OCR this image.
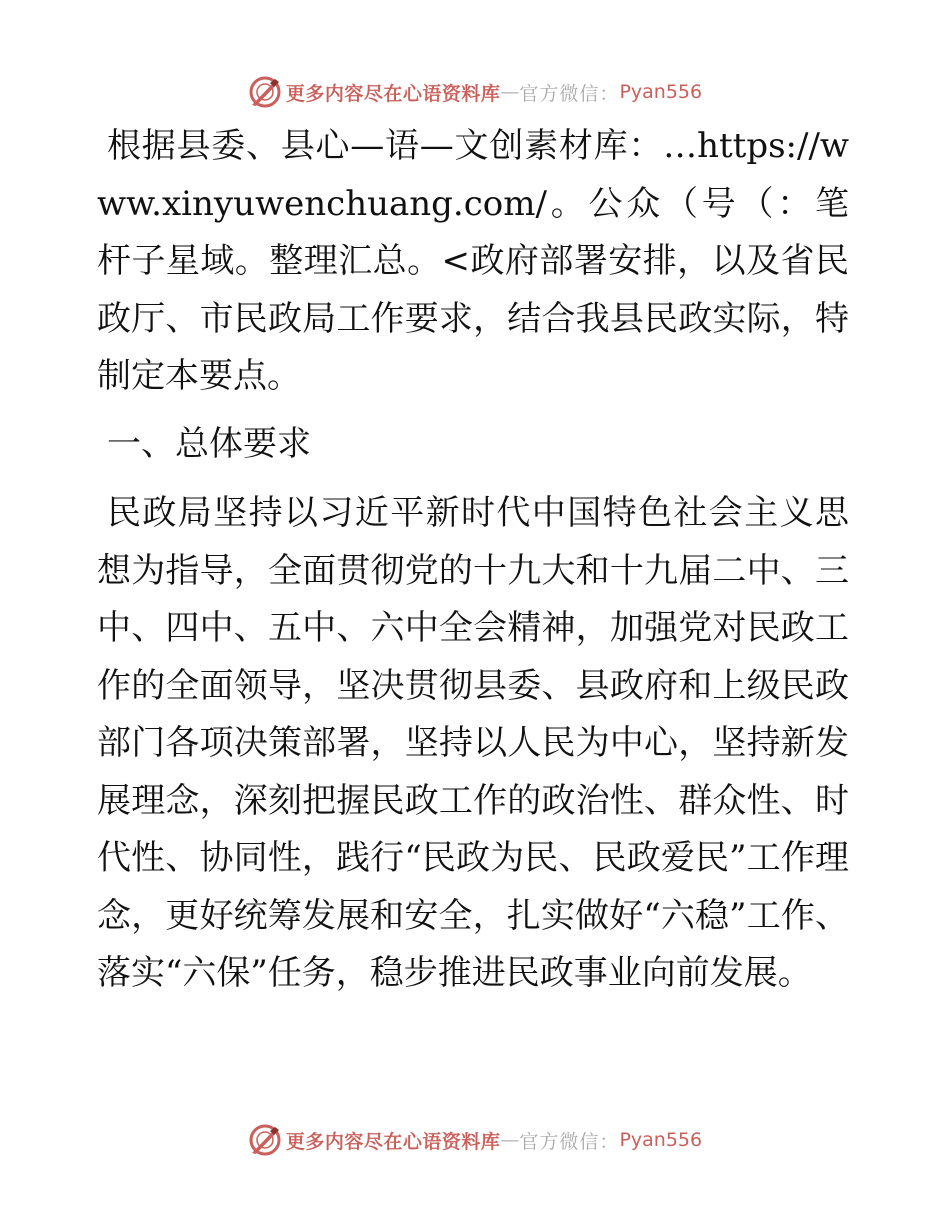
更多内容尽在心语资料库 — 官方微信： Pyan556

根据县委、县心—语—文创素材库：…https://www.xinyuwenchuang.com/。公众（号（：笔杆子星域。整理汇总。<政府部署安排，以及省民政厅、市民政局工作要求，结合我县民政实际，特制定本要点。

一、总体要求

民政局坚持以习近平新时代中国特色社会主义思想为指导，全面贯彻党的十九大和十九届二中、三中、四中、五中、六中全会精神，加强党对民政工作的全面领导，坚决贯彻县委、县政府和上级民政部门各项决策部署，坚持以人民为中心，坚持新发展理念，深刻把握民政工作的政治性、群众性、时代性、协同性，践行“民政为民、民政爱民”工作理念，更好统筹发展和安全，扎实做好“六稳”工作、落实“六保”任务，稳步推进民政事业向前发展。

更多内容尽在心语资料库 — 官方微信： Pyan556
